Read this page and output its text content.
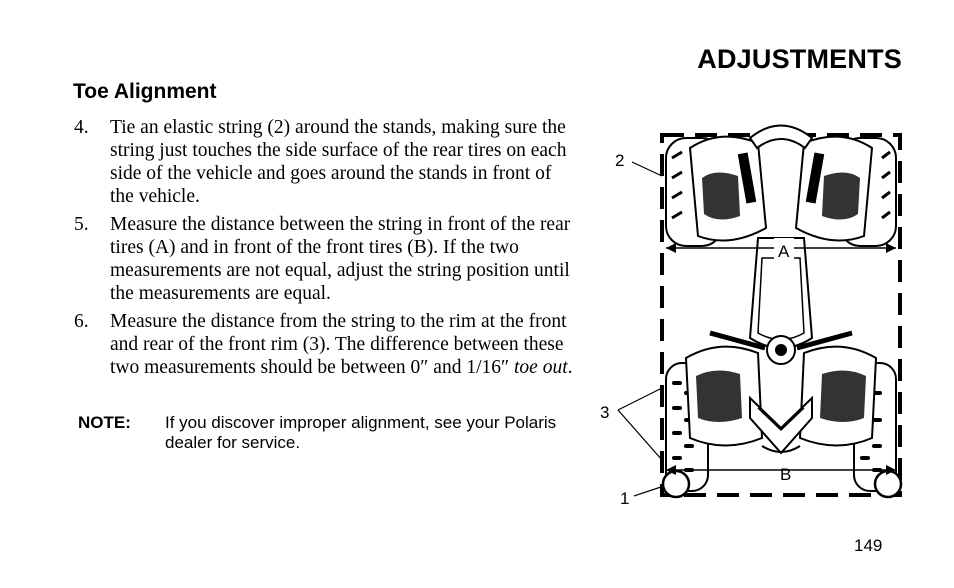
ADJUSTMENTS
Toe Alignment
4. Tie an elastic string (2) around the stands, making sure the string just touches the side surface of the rear tires on each side of the vehicle and goes around the stands in front of the vehicle.
5. Measure the distance between the string in front of the rear tires (A) and in front of the front tires (B). If the two measurements are not equal, adjust the string position until the measurements are equal.
6. Measure the distance from the string to the rim at the front and rear of the front rim (3). The difference between these two measurements should be between 0″ and 1/16″ toe out.
NOTE: If you discover improper alignment, see your Polaris dealer for service.
A
B
2
3
1
149
